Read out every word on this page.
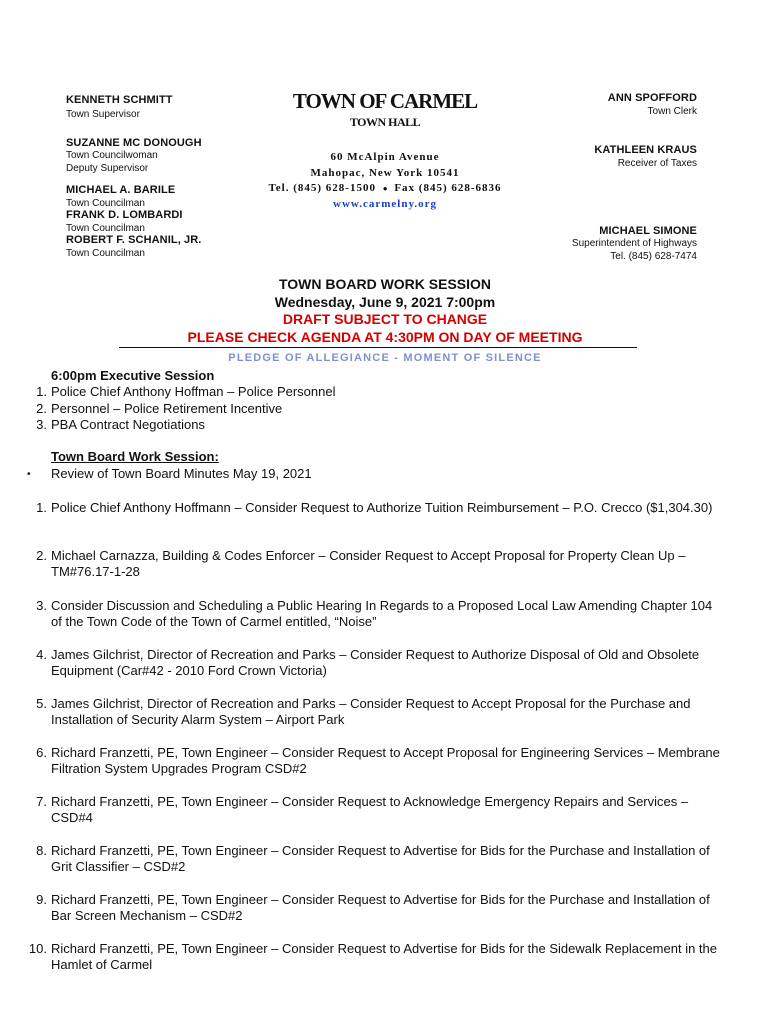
KENNETH SCHMITT
Town Supervisor
SUZANNE MC DONOUGH
Town Councilwoman
Deputy Supervisor
MICHAEL A. BARILE
Town Councilman
FRANK D. LOMBARDI
Town Councilman
ROBERT F. SCHANIL, JR.
Town Councilman
TOWN OF CARMEL
TOWN HALL
60 McAlpin Avenue
Mahopac, New York 10541
Tel. (845) 628-1500 ● Fax (845) 628-6836
www.carmelny.org
ANN SPOFFORD
Town Clerk
KATHLEEN KRAUS
Receiver of Taxes
MICHAEL SIMONE
Superintendent of Highways
Tel. (845) 628-7474
TOWN BOARD WORK SESSION
Wednesday, June 9, 2021 7:00pm
DRAFT SUBJECT TO CHANGE
PLEASE CHECK AGENDA AT 4:30PM ON DAY OF MEETING
PLEDGE OF ALLEGIANCE - MOMENT OF SILENCE
6:00pm Executive Session
1. Police Chief Anthony Hoffman – Police Personnel
2. Personnel – Police Retirement Incentive
3. PBA Contract Negotiations
Town Board Work Session:
• Review of Town Board Minutes May 19, 2021
1. Police Chief Anthony Hoffmann – Consider Request to Authorize Tuition Reimbursement – P.O. Crecco ($1,304.30)
2. Michael Carnazza, Building & Codes Enforcer – Consider Request to Accept Proposal for Property Clean Up – TM#76.17-1-28
3. Consider Discussion and Scheduling a Public Hearing In Regards to a Proposed Local Law Amending Chapter 104 of the Town Code of the Town of Carmel entitled, “Noise”
4. James Gilchrist, Director of Recreation and Parks – Consider Request to Authorize Disposal of Old and Obsolete Equipment (Car#42 - 2010 Ford Crown Victoria)
5. James Gilchrist, Director of Recreation and Parks – Consider Request to Accept Proposal for the Purchase and Installation of Security Alarm System – Airport Park
6. Richard Franzetti, PE, Town Engineer – Consider Request to Accept Proposal for Engineering Services – Membrane Filtration System Upgrades Program CSD#2
7. Richard Franzetti, PE, Town Engineer – Consider Request to Acknowledge Emergency Repairs and Services – CSD#4
8. Richard Franzetti, PE, Town Engineer – Consider Request to Advertise for Bids for the Purchase and Installation of Grit Classifier – CSD#2
9. Richard Franzetti, PE, Town Engineer – Consider Request to Advertise for Bids for the Purchase and Installation of Bar Screen Mechanism – CSD#2
10. Richard Franzetti, PE, Town Engineer – Consider Request to Advertise for Bids for the Sidewalk Replacement in the Hamlet of Carmel
